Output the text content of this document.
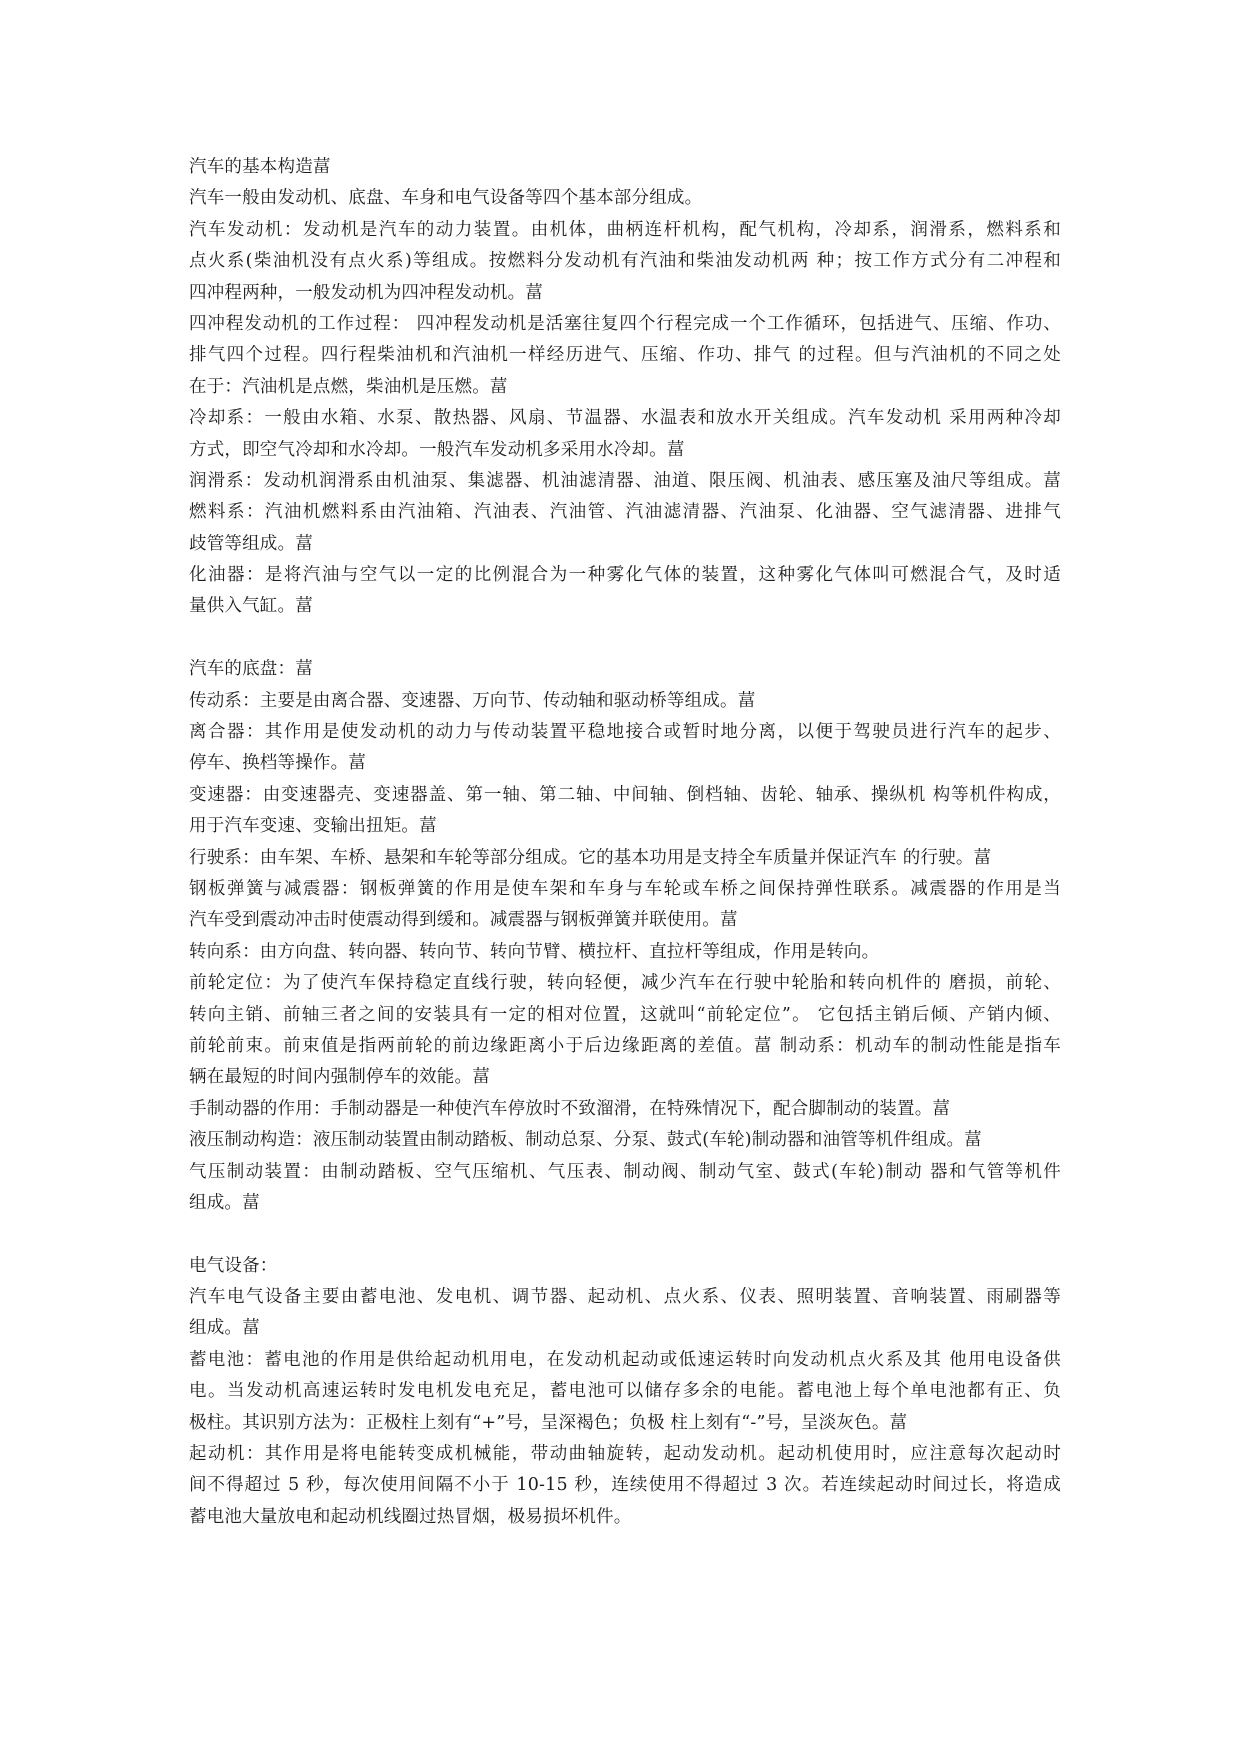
汽车的基本构造葍
汽车一般由发动机、底盘、车身和电气设备等四个基本部分组成。
汽车发动机：发动机是汽车的动力装置。由机体，曲柄连杆机构，配气机构，冷却系，润滑系，燃料系和
点火系(柴油机没有点火系)等组成。按燃料分发动机有汽油和柴油发动机两 种；按工作方式分有二冲程和
四冲程两种，一般发动机为四冲程发动机。葍
四冲程发动机的工作过程： 四冲程发动机是活塞往复四个行程完成一个工作循环，包括进气、压缩、作功、
排气四个过程。四行程柴油机和汽油机一样经历进气、压缩、作功、排气 的过程。但与汽油机的不同之处
在于：汽油机是点燃，柴油机是压燃。葍
冷却系：一般由水箱、水泵、散热器、风扇、节温器、水温表和放水开关组成。汽车发动机 采用两种冷却
方式，即空气冷却和水冷却。一般汽车发动机多采用水冷却。葍
润滑系：发动机润滑系由机油泵、集滤器、机油滤清器、油道、限压阀、机油表、感压塞及油尺等组成。葍
燃料系：汽油机燃料系由汽油箱、汽油表、汽油管、汽油滤清器、汽油泵、化油器、空气滤清器、进排气
歧管等组成。葍
化油器：是将汽油与空气以一定的比例混合为一种雾化气体的装置，这种雾化气体叫可燃混合气，及时适
量供入气缸。葍
汽车的底盘：葍
传动系：主要是由离合器、变速器、万向节、传动轴和驱动桥等组成。葍
离合器：其作用是使发动机的动力与传动装置平稳地接合或暂时地分离，以便于驾驶员进行汽车的起步、
停车、换档等操作。葍
变速器：由变速器壳、变速器盖、第一轴、第二轴、中间轴、倒档轴、齿轮、轴承、操纵机 构等机件构成，
用于汽车变速、变输出扭矩。葍
行驶系：由车架、车桥、悬架和车轮等部分组成。它的基本功用是支持全车质量并保证汽车 的行驶。葍
钢板弹簧与减震器：钢板弹簧的作用是使车架和车身与车轮或车桥之间保持弹性联系。减震器的作用是当
汽车受到震动冲击时使震动得到缓和。减震器与钢板弹簧并联使用。葍
转向系：由方向盘、转向器、转向节、转向节臂、横拉杆、直拉杆等组成，作用是转向。
前轮定位：为了使汽车保持稳定直线行驶，转向轻便，减少汽车在行驶中轮胎和转向机件的 磨损，前轮、
转向主销、前轴三者之间的安装具有一定的相对位置，这就叫“前轮定位”。 它包括主销后倾、产销内倾、
前轮前束。前束值是指两前轮的前边缘距离小于后边缘距离的差值。葍 制动系：机动车的制动性能是指车
辆在最短的时间内强制停车的效能。葍
手制动器的作用：手制动器是一种使汽车停放时不致溜滑，在特殊情况下，配合脚制动的装置。葍
液压制动构造：液压制动装置由制动踏板、制动总泵、分泵、鼓式(车轮)制动器和油管等机件组成。葍
气压制动装置：由制动踏板、空气压缩机、气压表、制动阀、制动气室、鼓式(车轮)制动 器和气管等机件
组成。葍
电气设备：
汽车电气设备主要由蓄电池、发电机、调节器、起动机、点火系、仪表、照明装置、音响装置、雨刷器等
组成。葍
蓄电池：蓄电池的作用是供给起动机用电，在发动机起动或低速运转时向发动机点火系及其 他用电设备供
电。当发动机高速运转时发电机发电充足，蓄电池可以储存多余的电能。蓄电池上每个单电池都有正、负
极柱。其识别方法为：正极柱上刻有“+”号，呈深褐色；负极 柱上刻有“-”号，呈淡灰色。葍
起动机：其作用是将电能转变成机械能，带动曲轴旋转，起动发动机。起动机使用时，应注意每次起动时
间不得超过 5 秒，每次使用间隔不小于 10-15 秒，连续使用不得超过 3 次。若连续起动时间过长，将造成
蓄电池大量放电和起动机线圈过热冒烟，极易损坏机件。
